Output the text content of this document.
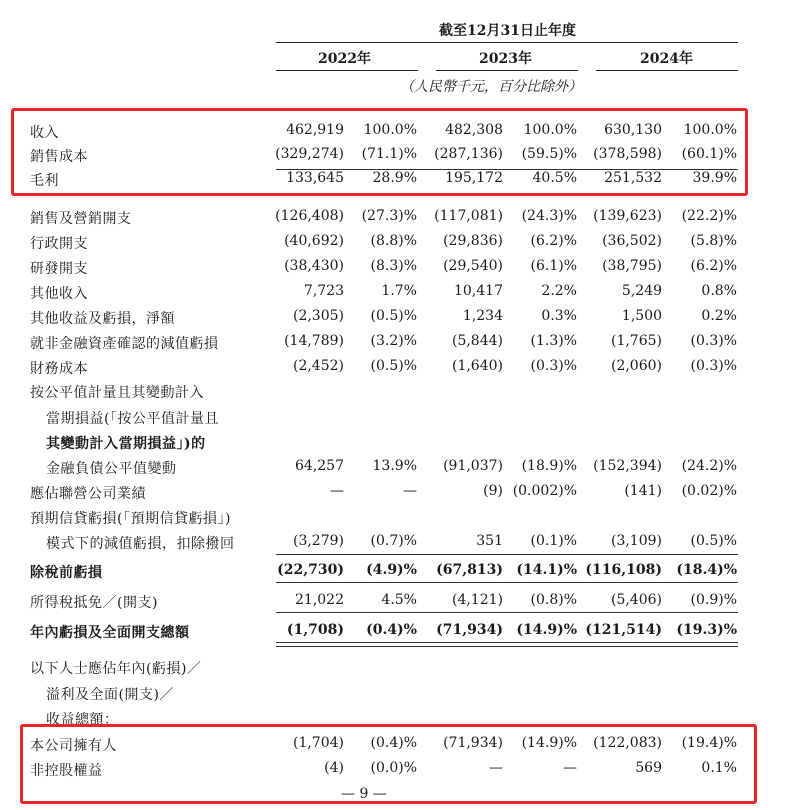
截至12月31日止年度
2022年	2023年	2024年
（人民幣千元，百分比除外）
收入	462,919 100.0% 482,308 100.0% 630,130 100.0%
銷售成本	(329,274) (71.1)% (287,136) (59.5)% (378,598) (60.1)%
毛利	133,645 28.9% 195,172 40.5% 251,532 39.9%
銷售及營銷開支	(126,408) (27.3)% (117,081) (24.3)% (139,623) (22.2)%
行政開支	(40,692) (8.8)% (29,836) (6.2)% (36,502) (5.8)%
研發開支	(38,430) (8.3)% (29,540) (6.1)% (38,795) (6.2)%
其他收入	7,723	1.7%	10,417	2.2%	5,249	0.8%
其他收益及虧損，淨額	(2,305) (0.5)%	1,234	0.3%	1,500	0.2%
就非金融資產確認的減值虧損	(14,789) (3.2)% (5,844) (1.3)% (1,765) (0.3)%
財務成本	(2,452) (0.5)% (1,640) (0.3)% (2,060) (0.3)%
按公平值計量且其變動計入
當期損益(「按公平值計量且
其變動計入當期損益」)的
金融負債公平值變動	64,257 13.9% (91,037) (18.9)% (152,394) (24.2)%
應佔聯營公司業績	—	—	(9) (0.002)%	(141) (0.02)%
預期信貸虧損(「預期信貸虧損」)
模式下的減值虧損，扣除撥回	(3,279) (0.7)%	351 (0.1)% (3,109) (0.5)%
除稅前虧損	(22,730) (4.9)% (67,813) (14.1)% (116,108) (18.4)%
所得稅抵免／(開支)	21,022	4.5% (4,121) (0.8)% (5,406) (0.9)%
年內虧損及全面開支總額	(1,708) (0.4)% (71,934) (14.9)% (121,514) (19.3)%
以下人士應佔年內(虧損)／
溢利及全面(開支)／
收益總額：
本公司擁有人	(1,704) (0.4)% (71,934) (14.9)% (122,083) (19.4)%
非控股權益	(4) (0.0)%	—	—	569	0.1%
— 9 —
